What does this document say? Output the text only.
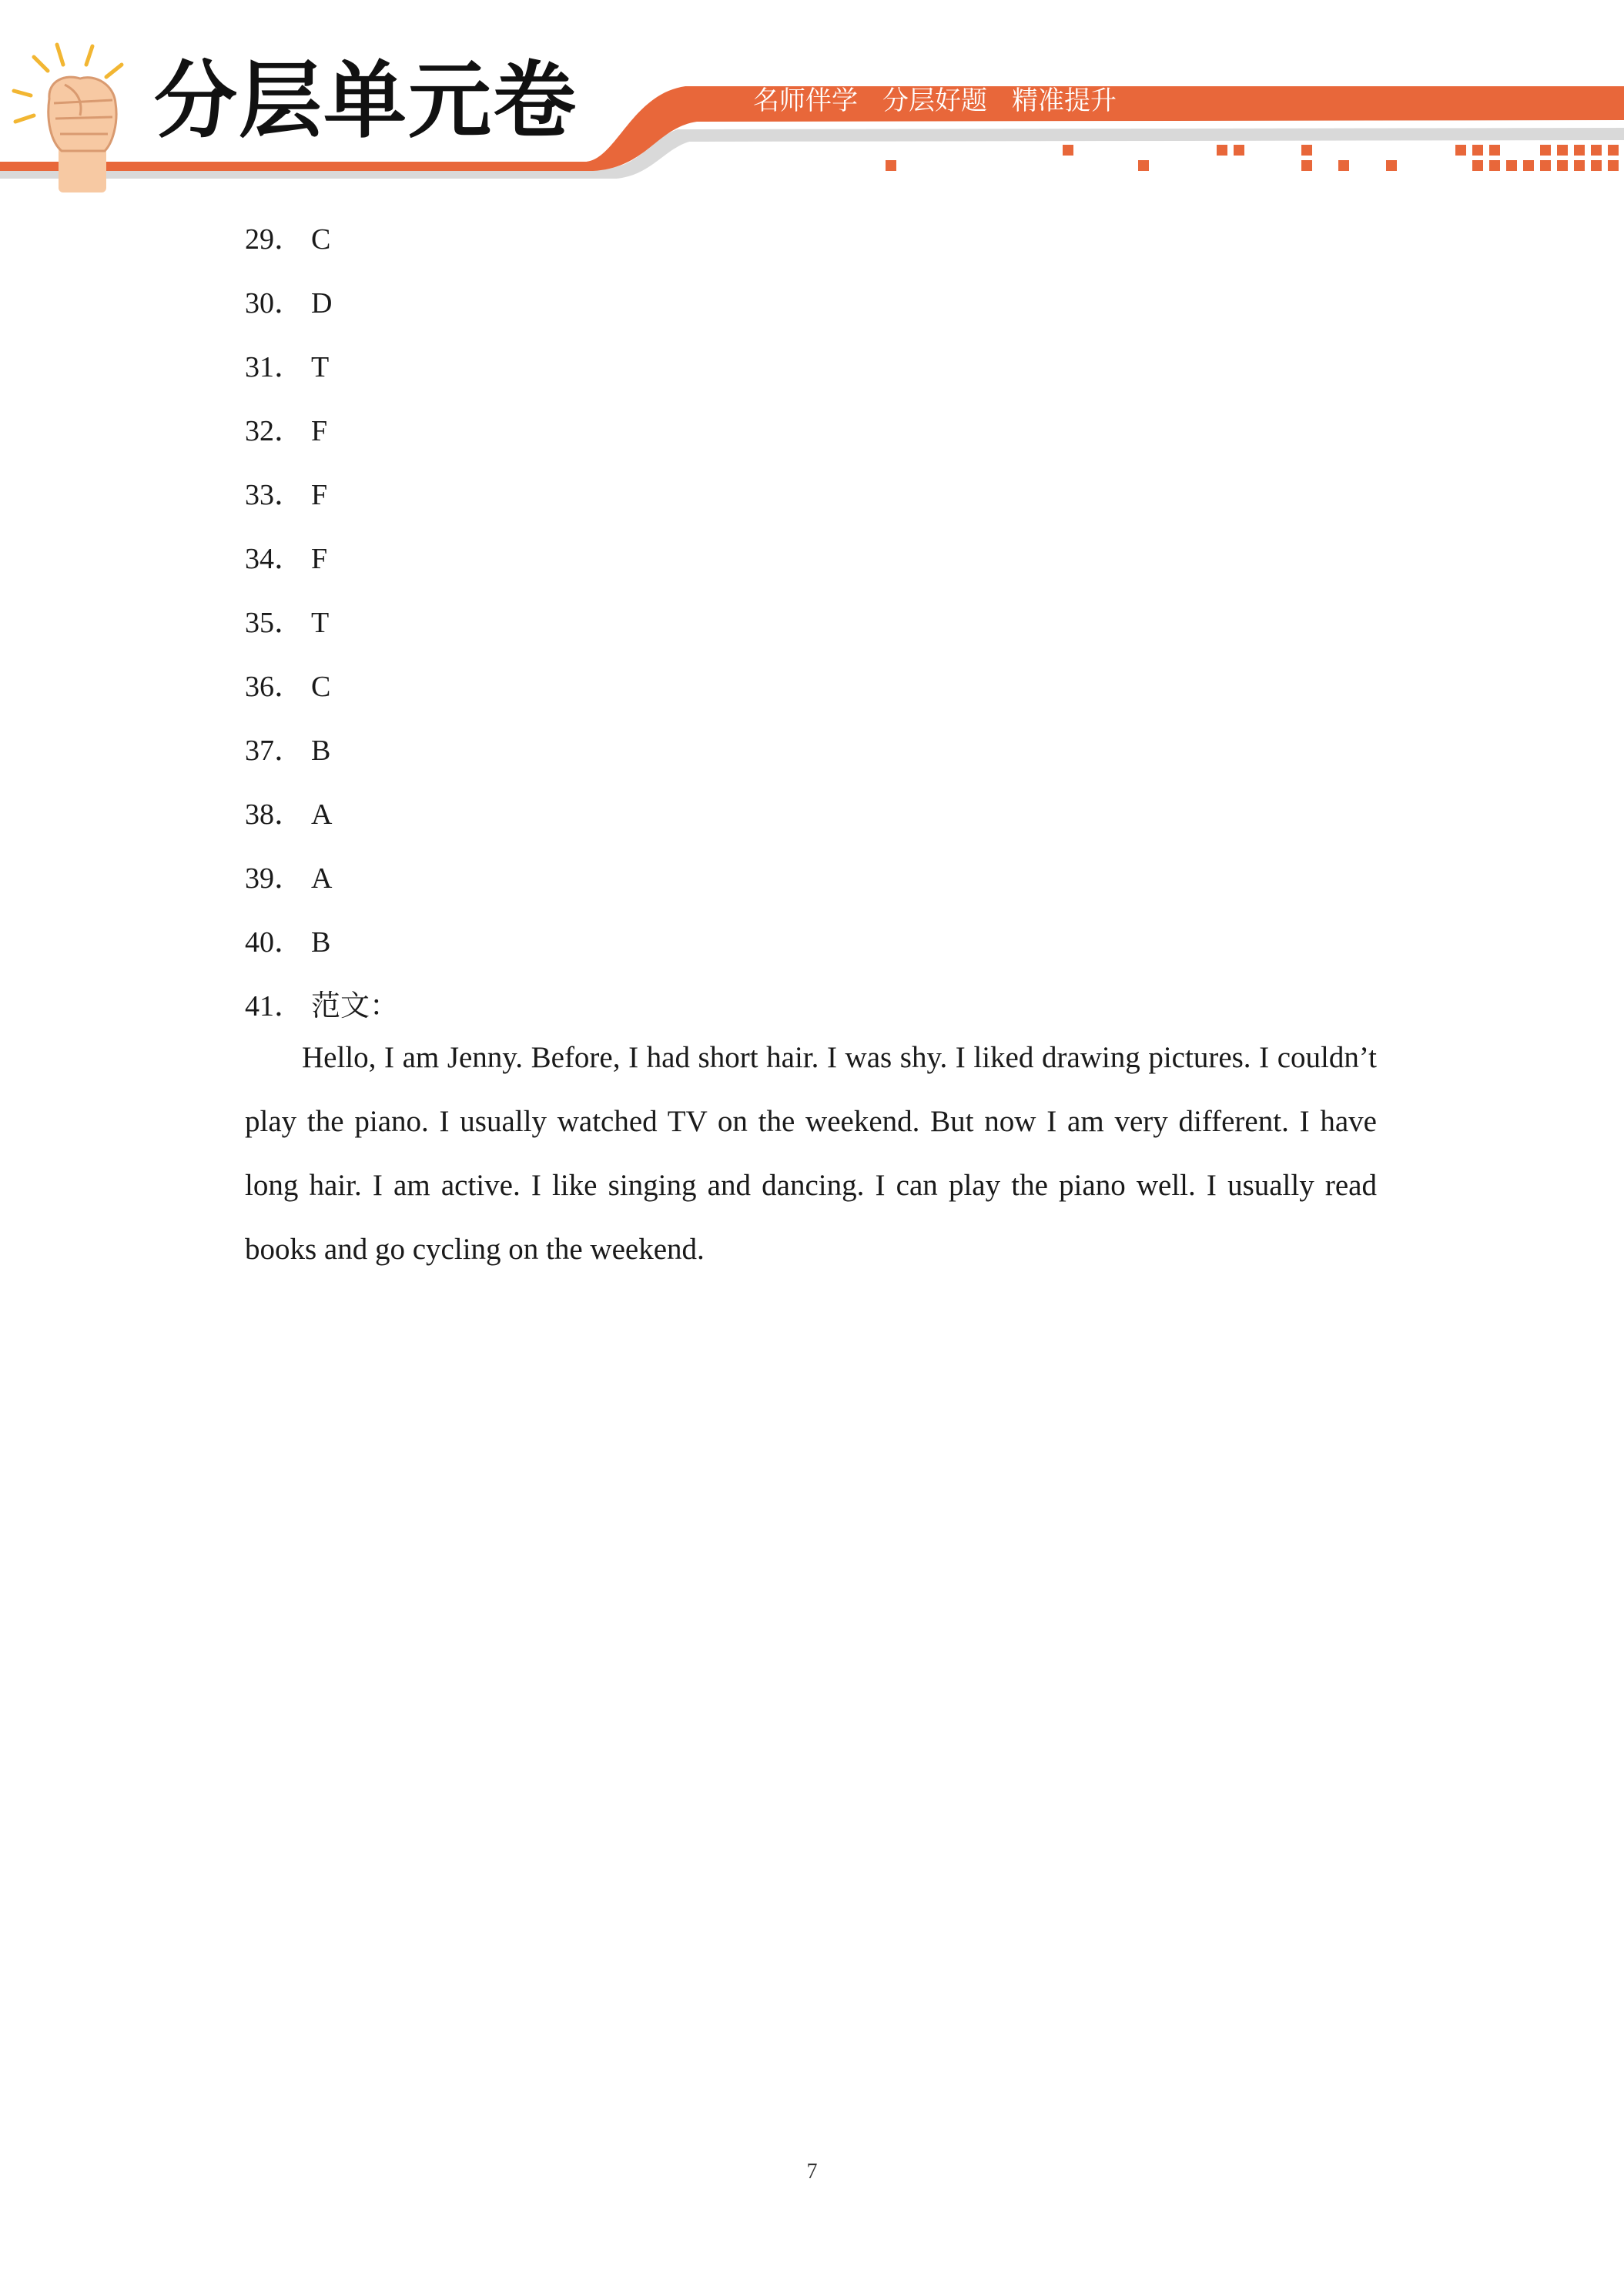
分层单元卷	名师伴学 分层好题 精准提升
29． C
30． D
31． T
32． F
33． F
34． F
35． T
36． C
37． B
38． A
39． A
40． B
41． 范文：

Hello, I am Jenny. Before, I had short hair. I was shy. I liked drawing pictures. I couldn’t play the piano. I usually watched TV on the weekend. But now I am very different. I have long hair. I am active. I like singing and dancing. I can play the piano well. I usually read books and go cycling on the weekend.

7
